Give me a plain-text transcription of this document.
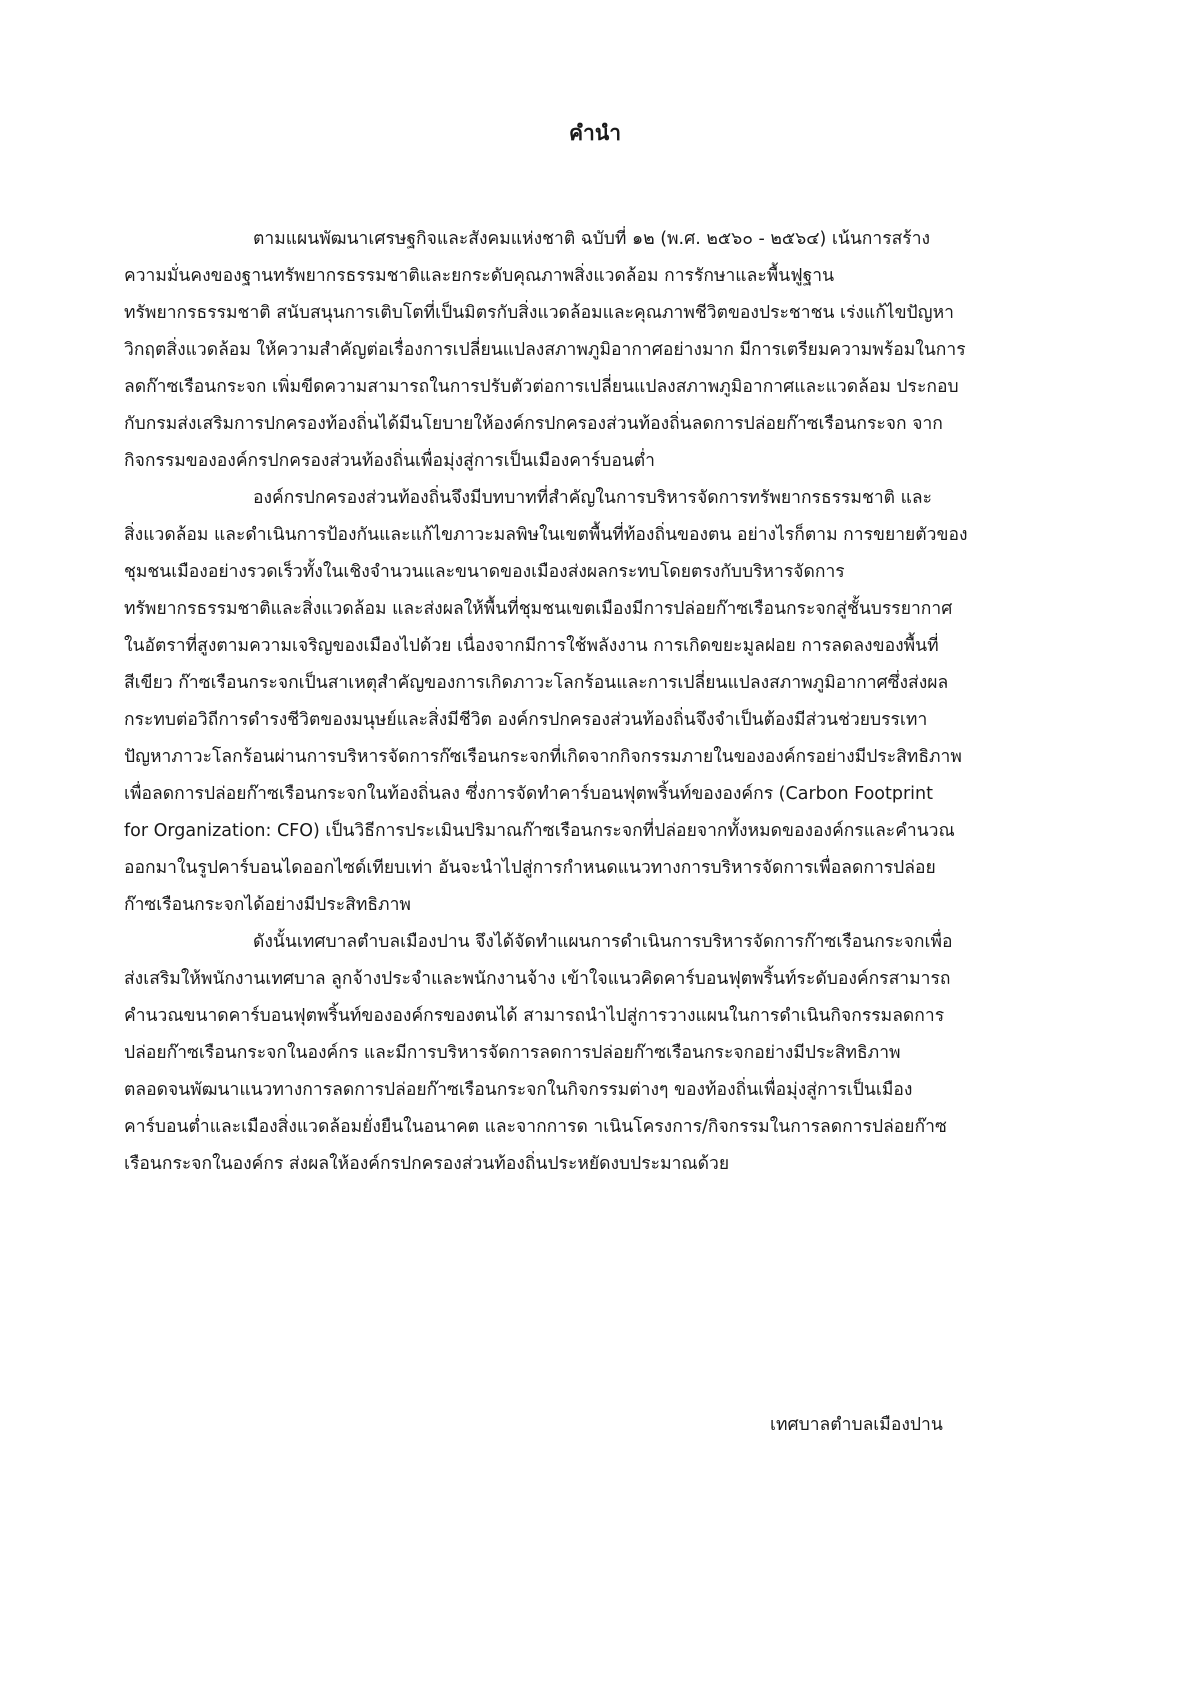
คำนำ
ตามแผนพัฒนาเศรษฐกิจและสังคมแห่งชาติ ฉบับที่ ๑๒ (พ.ศ. ๒๕๖๐ - ๒๕๖๔) เน้นการสร้าง
ความมั่นคงของฐานทรัพยากรธรรมชาติและยกระดับคุณภาพสิ่งแวดล้อม การรักษาและพื้นฟูฐาน
ทรัพยากรธรรมชาติ สนับสนุนการเติบโตที่เป็นมิตรกับสิ่งแวดล้อมและคุณภาพชีวิตของประชาชน เร่งแก้ไขปัญหา
วิกฤตสิ่งแวดล้อม ให้ความสำคัญต่อเรื่องการเปลี่ยนแปลงสภาพภูมิอากาศอย่างมาก มีการเตรียมความพร้อมในการ
ลดก๊าซเรือนกระจก เพิ่มขีดความสามารถในการปรับตัวต่อการเปลี่ยนแปลงสภาพภูมิอากาศและแวดล้อม ประกอบ
กับกรมส่งเสริมการปกครองท้องถิ่นได้มีนโยบายให้องค์กรปกครองส่วนท้องถิ่นลดการปล่อยก๊าซเรือนกระจก จาก
กิจกรรมขององค์กรปกครองส่วนท้องถิ่นเพื่อมุ่งสู่การเป็นเมืองคาร์บอนต่ำ
องค์กรปกครองส่วนท้องถิ่นจึงมีบทบาทที่สำคัญในการบริหารจัดการทรัพยากรธรรมชาติ และ
สิ่งแวดล้อม และดำเนินการป้องกันและแก้ไขภาวะมลพิษในเขตพื้นที่ท้องถิ่นของตน อย่างไรก็ตาม การขยายตัวของ
ชุมชนเมืองอย่างรวดเร็วทั้งในเชิงจำนวนและขนาดของเมืองส่งผลกระทบโดยตรงกับบริหารจัดการ
ทรัพยากรธรรมชาติและสิ่งแวดล้อม และส่งผลให้พื้นที่ชุมชนเขตเมืองมีการปล่อยก๊าซเรือนกระจกสู่ชั้นบรรยากาศ
ในอัตราที่สูงตามความเจริญของเมืองไปด้วย เนื่องจากมีการใช้พลังงาน การเกิดขยะมูลฝอย การลดลงของพื้นที่
สีเขียว ก๊าซเรือนกระจกเป็นสาเหตุสำคัญของการเกิดภาวะโลกร้อนและการเปลี่ยนแปลงสภาพภูมิอากาศซึ่งส่งผล
กระทบต่อวิถีการดำรงชีวิตของมนุษย์และสิ่งมีชีวิต องค์กรปกครองส่วนท้องถิ่นจึงจำเป็นต้องมีส่วนช่วยบรรเทา
ปัญหาภาวะโลกร้อนผ่านการบริหารจัดการก๊ซเรือนกระจกที่เกิดจากกิจกรรมภายในขององค์กรอย่างมีประสิทธิภาพ
เพื่อลดการปล่อยก๊าซเรือนกระจกในท้องถิ่นลง ซึ่งการจัดทำคาร์บอนฟุตพริ้นท์ขององค์กร (Carbon Footprint
for Organization: CFO) เป็นวิธีการประเมินปริมาณก๊าซเรือนกระจกที่ปล่อยจากทั้งหมดขององค์กรและคำนวณ
ออกมาในรูปคาร์บอนไดออกไซด์เทียบเท่า อันจะนำไปสู่การกำหนดแนวทางการบริหารจัดการเพื่อลดการปล่อย
ก๊าซเรือนกระจกได้อย่างมีประสิทธิภาพ
ดังนั้นเทศบาลตำบลเมืองปาน จึงได้จัดทำแผนการดำเนินการบริหารจัดการก๊าซเรือนกระจกเพื่อ
ส่งเสริมให้พนักงานเทศบาล ลูกจ้างประจำและพนักงานจ้าง เข้าใจแนวคิดคาร์บอนฟุตพริ้นท์ระดับองค์กรสามารถ
คำนวณขนาดคาร์บอนฟุตพริ้นท์ขององค์กรของตนได้ สามารถนำไปสู่การวางแผนในการดำเนินกิจกรรมลดการ
ปล่อยก๊าซเรือนกระจกในองค์กร และมีการบริหารจัดการลดการปล่อยก๊าซเรือนกระจกอย่างมีประสิทธิภาพ
ตลอดจนพัฒนาแนวทางการลดการปล่อยก๊าซเรือนกระจกในกิจกรรมต่างๆ ของท้องถิ่นเพื่อมุ่งสู่การเป็นเมือง
คาร์บอนต่ำและเมืองสิ่งแวดล้อมยั่งยืนในอนาคต และจากการด าเนินโครงการ/กิจกรรมในการลดการปล่อยก๊าซ
เรือนกระจกในองค์กร ส่งผลให้องค์กรปกครองส่วนท้องถิ่นประหยัดงบประมาณด้วย
เทศบาลตำบลเมืองปาน
